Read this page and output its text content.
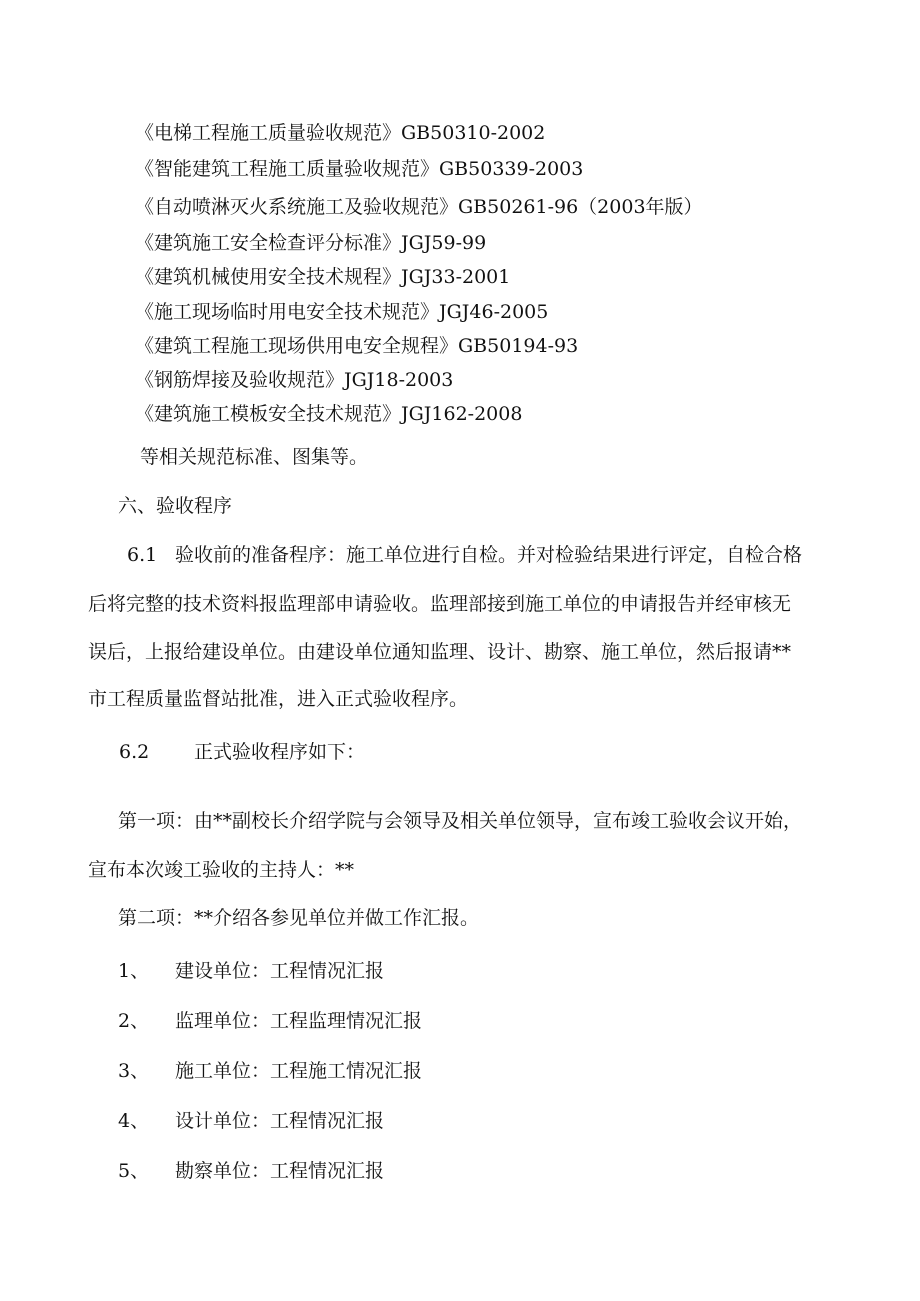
《电梯工程施工质量验收规范》GB50310-2002
《智能建筑工程施工质量验收规范》GB50339-2003
《自动喷淋灭火系统施工及验收规范》GB50261-96（2003年版）
《建筑施工安全检查评分标准》JGJ59-99
《建筑机械使用安全技术规程》JGJ33-2001
《施工现场临时用电安全技术规范》JGJ46-2005
《建筑工程施工现场供用电安全规程》GB50194-93
《钢筋焊接及验收规范》JGJ18-2003
《建筑施工模板安全技术规范》JGJ162-2008
等相关规范标准、图集等。
六、验收程序
6.1 验收前的准备程序：施工单位进行自检。并对检验结果进行评定，自检合格
后将完整的技术资料报监理部申请验收。监理部接到施工单位的申请报告并经审核无
误后，上报给建设单位。由建设单位通知监理、设计、勘察、施工单位，然后报请**
市工程质量监督站批准，进入正式验收程序。
6.2 正式验收程序如下：
第一项：由**副校长介绍学院与会领导及相关单位领导，宣布竣工验收会议开始，
宣布本次竣工验收的主持人：**
第二项：**介绍各参见单位并做工作汇报。
1、 建设单位：工程情况汇报
2、 监理单位：工程监理情况汇报
3、 施工单位：工程施工情况汇报
4、 设计单位：工程情况汇报
5、 勘察单位：工程情况汇报
